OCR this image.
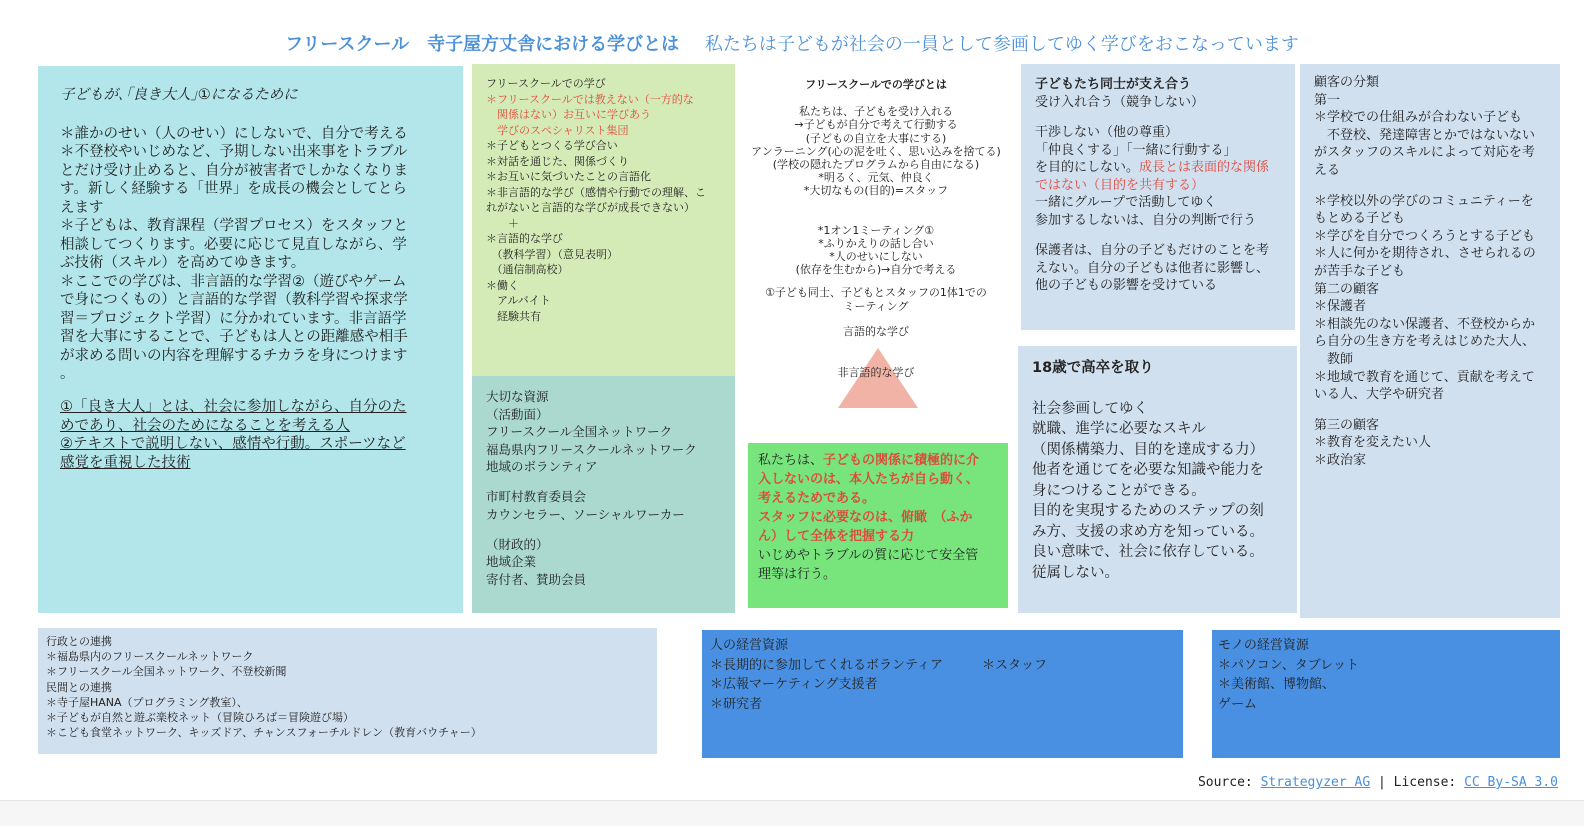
フリースクール　寺子屋方丈舎における学びとは 私たちは子どもが社会の一員として参画してゆく学びをおこなっています
子どもが､｢良き大人｣①になるために
＊誰かのせい（人のせい）にしないで、自分で考える
＊不登校やいじめなど、予期しない出来事をトラブル
とだけ受け止めると、自分が被害者でしかなくなりま
す。新しく経験する「世界」を成長の機会としてとら
えます
＊子どもは、教育課程（学習プロセス）をスタッフと
相談してつくります。必要に応じて見直しながら、学
ぶ技術（スキル）を高めてゆきます。
＊ここでの学びは、非言語的な学習②（遊びやゲーム
で身につくもの）と言語的な学習（教科学習や探求学
習＝プロジェクト学習）に分かれています。非言語学
習を大事にすることで、子どもは人との距離感や相手
が求める問いの内容を理解するチカラを身につけます
。
①「良き大人」とは、社会に参加しながら、自分のた
めであり、社会のためになることを考える人
②テキストで説明しない、感情や行動。スポーツなど
感覚を重視した技術
フリースクールでの学び
＊フリースクールでは教えない（一方的な
　関係はない）お互いに学びあう
　学びのスペシャリスト集団
＊子どもとつくる学び合い
＊対話を通じた、関係づくり
＊お互いに気づいたことの言語化
＊非言語的な学び（感情や行動での理解、こ
れがないと言語的な学びが成長できない）
　　＋
＊言語的な学び
　（教科学習）（意見表明）
　（通信制高校）
＊働く
　アルバイト
　経験共有
大切な資源
（活動面）
フリースクール全国ネットワーク
福島県内フリースクールネットワーク
地域のボランティア
市町村教育委員会
カウンセラー、ソーシャルワーカー
（財政的）
地域企業
寄付者、賛助会員
フリースクールでの学びとは
私たちは、子どもを受け入れる
→子どもが自分で考えて行動する
(子どもの自立を大事にする)
アンラーニング(心の泥を吐く、思い込みを捨てる)
(学校の隠れたプログラムから自由になる)
*明るく、元気、仲良く
*大切なもの(目的)=スタッフ
*1オン1ミーティング①
*ふりかえりの話し合い
*人のせいにしない
(依存を生むから)→自分で考える
①子ども同士、子どもとスタッフの1体1での
ミーティング
言語的な学び
非言語的な学び
私たちは、子どもの関係に積極的に介
入しないのは、本人たちが自ら動く、
考えるためである。
スタッフに必要なのは、俯瞰　（ふか
ん）して全体を把握する力
いじめやトラブルの質に応じて安全管
理等は行う。
子どもたち同士が支え合う
受け入れ合う（競争しない）
干渉しない（他の尊重）
「仲良くする」「一緒に行動する」
を目的にしない。成長とは表面的な関係
ではない（目的を共有する）
一緒にグループで活動してゆく
参加するしないは、自分の判断で行う
保護者は、自分の子どもだけのことを考
えない。自分の子どもは他者に影響し、
他の子どもの影響を受けている
18歳で高卒を取り
社会参画してゆく
就職、進学に必要なスキル
（関係構築力、目的を達成する力）
他者を通じてを必要な知識や能力を
身につけることができる。
目的を実現するためのステップの刻
み方、支援の求め方を知っている。
良い意味で、社会に依存している。
従属しない。
顧客の分類
第一
＊学校での仕組みが合わない子ども
　不登校、発達障害とかではないない
がスタッフのスキルによって対応を考
える
＊学校以外の学びのコミュニティーを
もとめる子ども
＊学びを自分でつくろうとする子ども
＊人に何かを期待され、させられるの
が苦手な子ども
第二の顧客
＊保護者
＊相談先のない保護者、不登校からか
ら自分の生き方を考えはじめた大人、
　教師
＊地域で教育を通じて、貢献を考えて
いる人、大学や研究者
第三の顧客
＊教育を変えたい人
＊政治家
行政との連携
＊福島県内のフリースクールネットワーク
＊フリースクール全国ネットワーク、不登校新聞
民間との連携
＊寺子屋HANA（プログラミング教室）、
＊子どもが自然と遊ぶ楽校ネット（冒険ひろば＝冒険遊び場）
＊こども食堂ネットワーク、キッズドア、チャンスフォーチルドレン（教育バウチャー）
人の経営資源
＊長期的に参加してくれるボランティア　　　＊スタッフ
＊広報マーケティング支援者
＊研究者
モノの経営資源
＊パソコン、タブレット
＊美術館、博物館、
ゲーム
Source: Strategyzer AG | License: CC By-SA 3.0
